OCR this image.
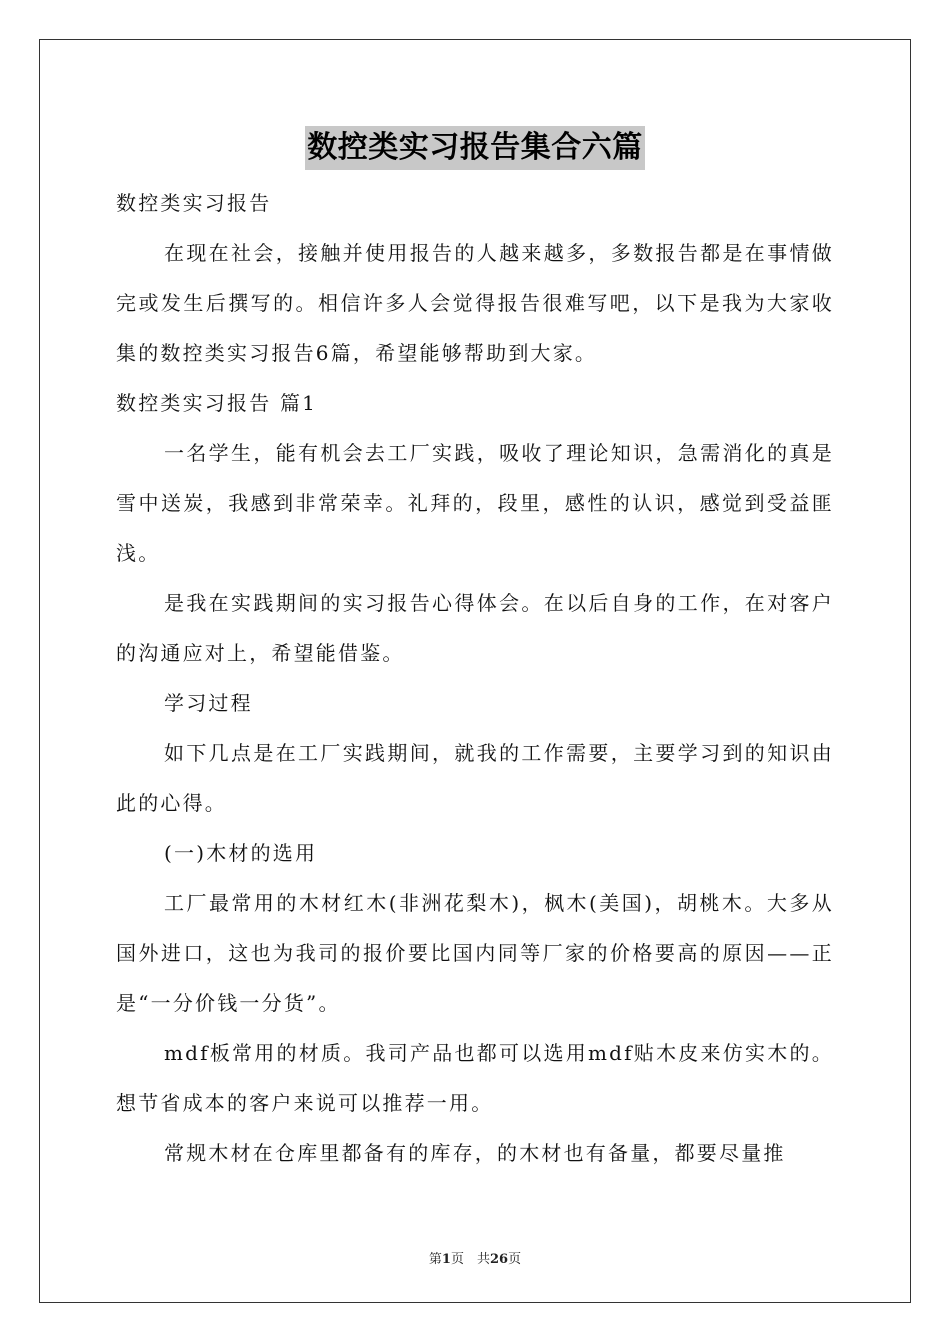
数控类实习报告集合六篇

数控类实习报告

在现在社会，接触并使用报告的人越来越多，多数报告都是在事情做完或发生后撰写的。相信许多人会觉得报告很难写吧，以下是我为大家收集的数控类实习报告6篇，希望能够帮助到大家。

数控类实习报告 篇1

一名学生，能有机会去工厂实践，吸收了理论知识，急需消化的真是雪中送炭，我感到非常荣幸。礼拜的，段里，感性的认识，感觉到受益匪浅。

是我在实践期间的实习报告心得体会。在以后自身的工作，在对客户的沟通应对上，希望能借鉴。

学习过程

如下几点是在工厂实践期间，就我的工作需要，主要学习到的知识由此的心得。

(一)木材的选用

工厂最常用的木材红木(非洲花梨木)，枫木(美国)，胡桃木。大多从国外进口，这也为我司的报价要比国内同等厂家的价格要高的原因——正是“一分价钱一分货”。

mdf板常用的材质。我司产品也都可以选用mdf贴木皮来仿实木的。想节省成本的客户来说可以推荐一用。

常规木材在仓库里都备有的库存，的木材也有备量，都要尽量推

第1页　共26页
